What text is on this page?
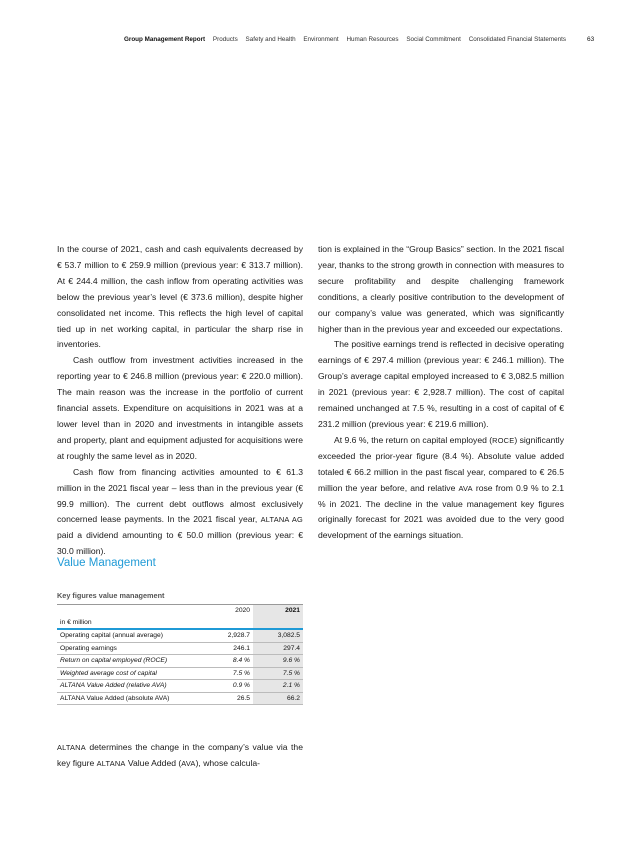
Group Management Report Products Safety and Health Environment Human Resources Social Commitment Consolidated Financial Statements	63

In the course of 2021, cash and cash equivalents decreased by € 53.7 million to € 259.9 million (previous year: € 313.7 million). At € 244.4 million, the cash inflow from operating activities was below the previous year’s level (€ 373.6 million), despite higher consolidated net income. This reflects the high level of capital tied up in net working capital, in particular the sharp rise in inventories.

Cash outflow from investment activities increased in the reporting year to € 246.8 million (previous year: € 220.0 million). The main reason was the increase in the portfolio of current financial assets. Expenditure on acquisitions in 2021 was at a lower level than in 2020 and investments in intangible assets and property, plant and equipment adjusted for acquisitions were at roughly the same level as in 2020.

Cash flow from financing activities amounted to € 61.3 million in the 2021 fiscal year – less than in the previous year (€ 99.9 million). The current debt outflows almost exclusively concerned lease payments. In the 2021 fiscal year, ALTANA AG paid a dividend amounting to € 50.0 million (previous year: € 30.0 million).

tion is explained in the “Group Basics” section. In the 2021 fiscal year, thanks to the strong growth in connection with measures to secure profitability and despite challenging framework conditions, a clearly positive contribution to the development of our company’s value was generated, which was significantly higher than in the previous year and exceeded our expectations.

The positive earnings trend is reflected in decisive operating earnings of € 297.4 million (previous year: € 246.1 million). The Group’s average capital employed increased to € 3,082.5 million in 2021 (previous year: € 2,928.7 million). The cost of capital remained unchanged at 7.5 %, resulting in a cost of capital of € 231.2 million (previous year: € 219.6 million).

At 9.6 %, the return on capital employed (ROCE) significantly exceeded the prior-year figure (8.4 %). Absolute value added totaled € 66.2 million in the past fiscal year, compared to € 26.5 million the year before, and relative AVA rose from 0.9 % to 2.1 % in 2021. The decline in the value management key figures originally forecast for 2021 was avoided due to the very good development of the earnings situation.

Value Management
Key figures value management
	2020	2021
in € million		
Operating capital (annual average)	2,928.7	3,082.5
Operating earnings	246.1	297.4
Return on capital employed (ROCE)	8.4 %	9.6 %
Weighted average cost of capital	7.5 %	7.5 %
ALTANA Value Added (relative AVA)	0.9 %	2.1 %
ALTANA Value Added (absolute AVA)	26.5	66.2

ALTANA determines the change in the company’s value via the key figure ALTANA Value Added (AVA), whose calcula-
